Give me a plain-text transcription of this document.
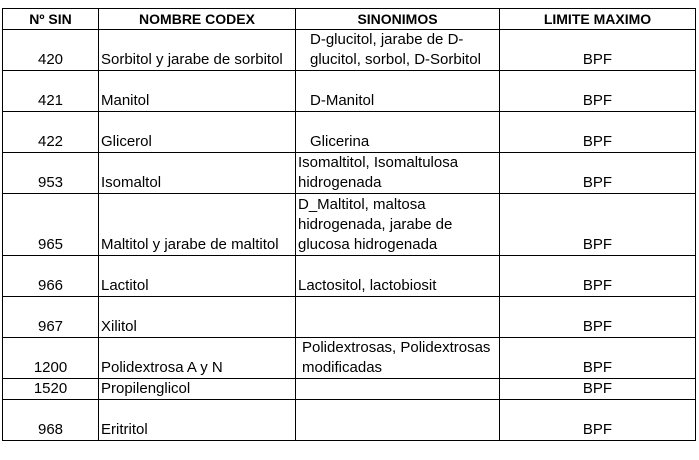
Nº SIN	NOMBRE CODEX	SINONIMOS	LIMITE MAXIMO
420	Sorbitol y jarabe de sorbitol	D-glucitol, jarabe de D-glucitol, sorbol, D-Sorbitol	BPF
421	Manitol	D-Manitol	BPF
422	Glicerol	Glicerina	BPF
953	Isomaltol	Isomaltitol, Isomaltulosa hidrogenada	BPF
965	Maltitol y jarabe de maltitol	D_Maltitol, maltosa hidrogenada, jarabe de glucosa hidrogenada	BPF
966	Lactitol	Lactositol, lactobiosit	BPF
967	Xilitol		BPF
1200	Polidextrosa A y N	Polidextrosas, Polidextrosas modificadas	BPF
1520	Propilenglicol		BPF
968	Eritritol		BPF
